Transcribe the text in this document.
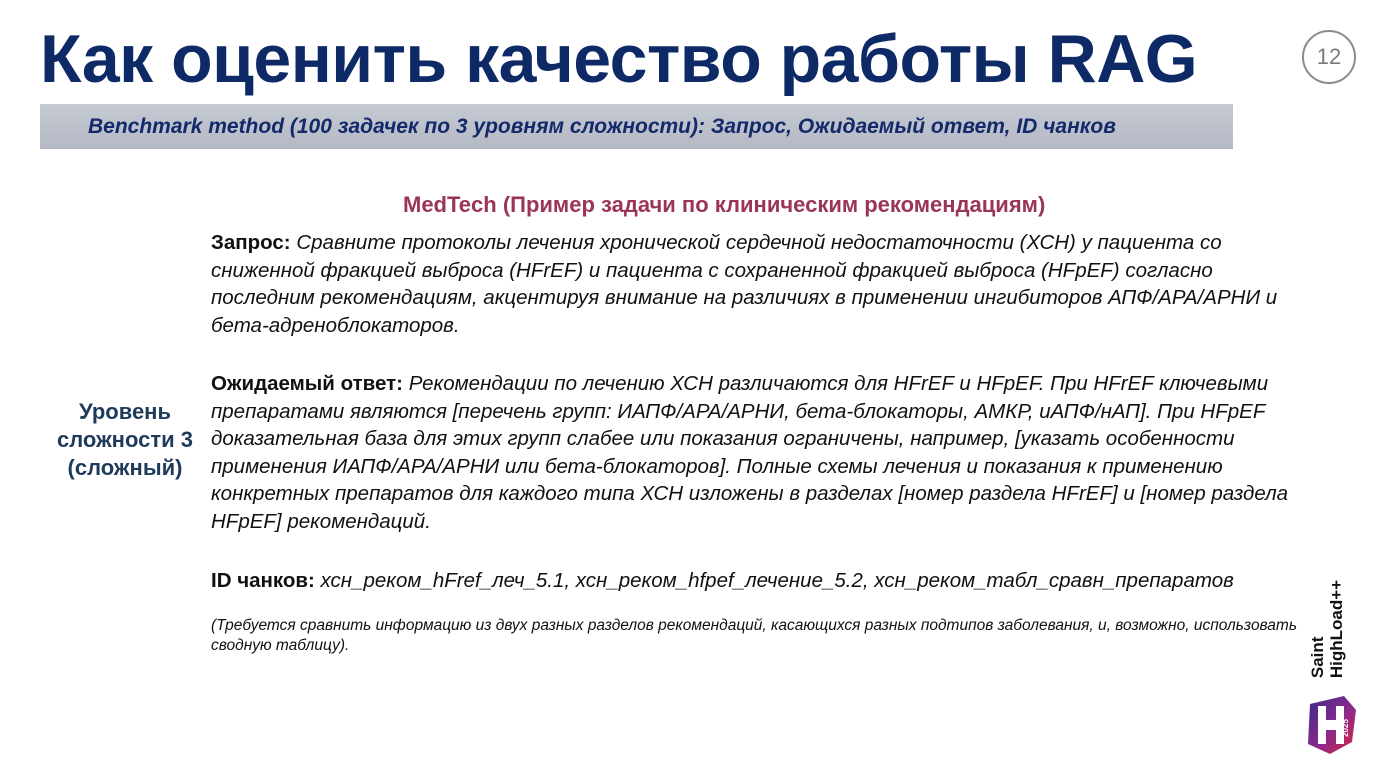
Как оценить качество работы RAG	12
Benchmark method (100 задачек по 3 уровням сложности): Запрос, Ожидаемый ответ, ID чанков
MedTech (Пример задачи по клиническим рекомендациям)
Уровень
сложности 3
(сложный)
Запрос: Сравните протоколы лечения хронической сердечной недостаточности (ХСН) у пациента со сниженной фракцией выброса (HFrEF) и пациента с сохраненной фракцией выброса (HFpEF) согласно последним рекомендациям, акцентируя внимание на различиях в применении ингибиторов АПФ/АРА/АРНИ и бета-адреноблокаторов.
Ожидаемый ответ: Рекомендации по лечению ХСН различаются для HFrEF и HFpEF. При HFrEF ключевыми препаратами являются [перечень групп: ИАПФ/АРА/АРНИ, бета-блокаторы, АМКР, иАПФ/нАП]. При HFpEF доказательная база для этих групп слабее или показания ограничены, например, [указать особенности применения ИАПФ/АРА/АРНИ или бета-блокаторов]. Полные схемы лечения и показания к применению конкретных препаратов для каждого типа ХСН изложены в разделах [номер раздела HFrEF] и [номер раздела HFpEF] рекомендаций.
ID чанков: хсн_реком_hFref_леч_5.1, хсн_реком_hfpef_лечение_5.2, хсн_реком_табл_сравн_препаратов
(Требуется сравнить информацию из двух разных разделов рекомендаций, касающихся разных подтипов заболевания, и, возможно, использовать сводную таблицу).	Saint HighLoad++
2025
